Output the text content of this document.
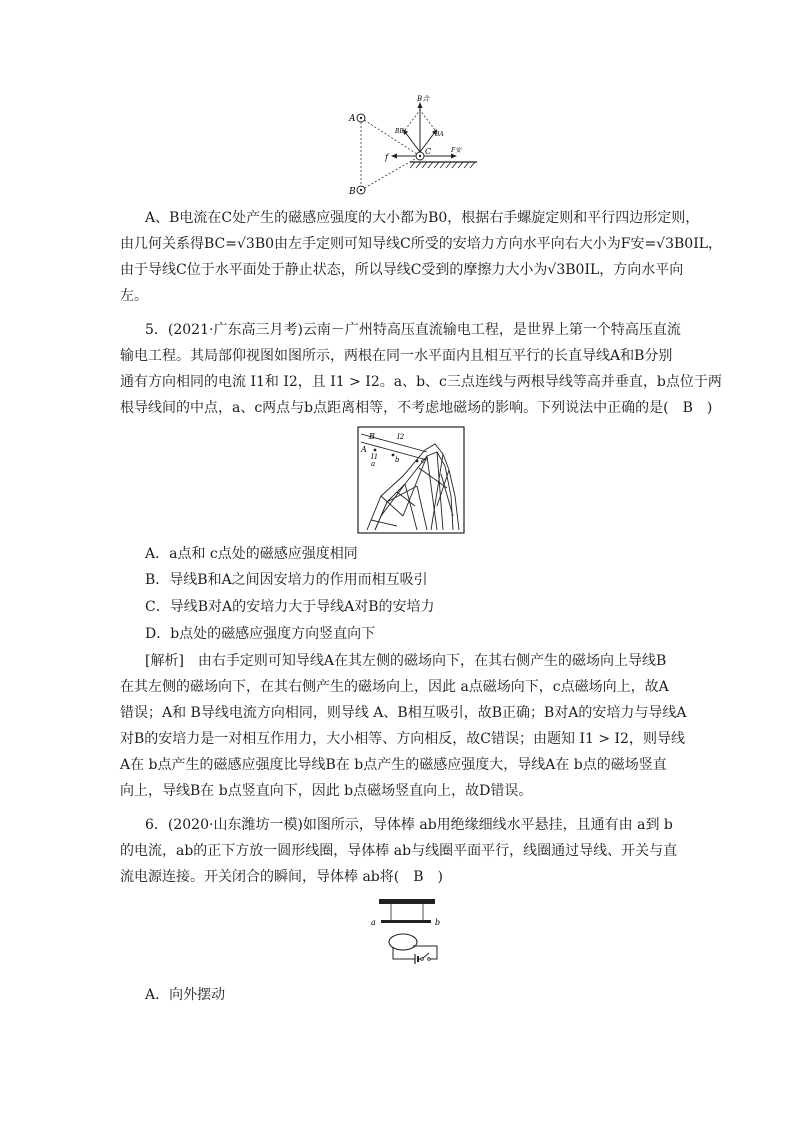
A
B
C
f
B合
BA
BB
F安
A、B电流在C处产生的磁感应强度的大小都为B0，根据右手螺旋定则和平行四边形定则，
由几何关系得BC=√3B0由左手定则可知导线C所受的安培力方向水平向右大小为F安=√3B0IL，
由于导线C位于水平面处于静止状态，所以导线C受到的摩擦力大小为√3B0IL，方向水平向
左。
5．(2021·广东高三月考)云南－广州特高压直流输电工程，是世界上第一个特高压直流
输电工程。其局部仰视图如图所示，两根在同一水平面内且相互平行的长直导线A和B分别
通有方向相同的电流 I1和 I2，且 I1 > I2。a、b、c三点连线与两根导线等高并垂直，b点位于两
根导线间的中点，a、c两点与b点距离相等，不考虑地磁场的影响。下列说法中正确的是(　B　)
B
A
I2
I1
a	b	c
A．a点和 c点处的磁感应强度相同
B．导线B和A之间因安培力的作用而相互吸引
C．导线B对A的安培力大于导线A对B的安培力
D．b点处的磁感应强度方向竖直向下
[解析]　由右手定则可知导线A在其左侧的磁场向下，在其右侧产生的磁场向上导线B
在其左侧的磁场向下，在其右侧产生的磁场向上，因此 a点磁场向下，c点磁场向上，故A
错误；A和 B导线电流方向相同，则导线 A、B相互吸引，故B正确；B对A的安培力与导线A
对B的安培力是一对相互作用力，大小相等、方向相反，故C错误；由题知 I1 > I2，则导线
A在 b点产生的磁感应强度比导线B在 b点产生的磁感应强度大，导线A在 b点的磁场竖直
向上，导线B在 b点竖直向下，因此 b点磁场竖直向上，故D错误。
6．(2020·山东潍坊一模)如图所示，导体棒 ab用绝缘细线水平悬挂，且通有由 a到 b
的电流，ab的正下方放一圆形线圈，导体棒 ab与线圈平面平行，线圈通过导线、开关与直
流电源连接。开关闭合的瞬间，导体棒 ab将(　B　)
a	b
A．向外摆动
